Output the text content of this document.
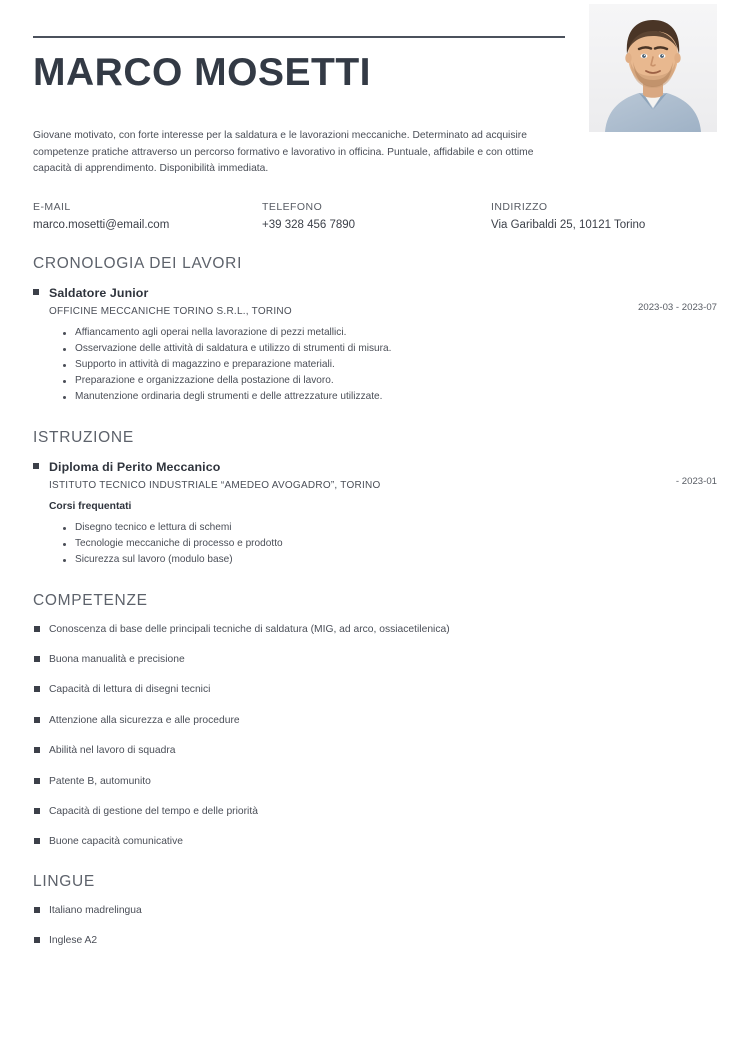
MARCO MOSETTI

Giovane motivato, con forte interesse per la saldatura e le lavorazioni meccaniche. Determinato ad acquisire competenze pratiche attraverso un percorso formativo e lavorativo in officina. Puntuale, affidabile e con ottime capacità di apprendimento. Disponibilità immediata.

E-MAIL
marco.mosetti@email.com
TELEFONO
+39 328 456 7890
INDIRIZZO
Via Garibaldi 25, 10121 Torino
CRONOLOGIA DEI LAVORI
Saldatore Junior
2023-03 - 2023-07
OFFICINE MECCANICHE TORINO S.R.L., TORINO
Affiancamento agli operai nella lavorazione di pezzi metallici.
Osservazione delle attività di saldatura e utilizzo di strumenti di misura.
Supporto in attività di magazzino e preparazione materiali.
Preparazione e organizzazione della postazione di lavoro.
Manutenzione ordinaria degli strumenti e delle attrezzature utilizzate.
ISTRUZIONE
Diploma di Perito Meccanico
- 2023-01
ISTITUTO TECNICO INDUSTRIALE “AMEDEO AVOGADRO”, TORINO
Corsi frequentati
Disegno tecnico e lettura di schemi
Tecnologie meccaniche di processo e prodotto
Sicurezza sul lavoro (modulo base)
COMPETENZE
Conoscenza di base delle principali tecniche di saldatura (MIG, ad arco, ossiacetilenica)
Buona manualità e precisione
Capacità di lettura di disegni tecnici
Attenzione alla sicurezza e alle procedure
Abilità nel lavoro di squadra
Patente B, automunito
Capacità di gestione del tempo e delle priorità
Buone capacità comunicative
LINGUE
Italiano madrelingua
Inglese A2
